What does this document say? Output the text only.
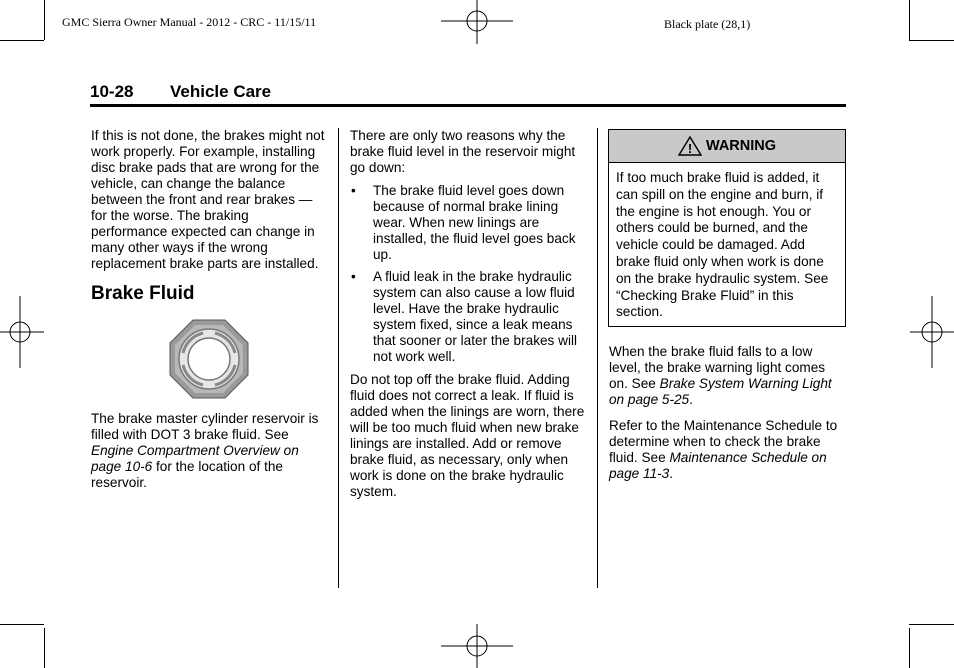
GMC Sierra Owner Manual - 2012 - CRC - 11/15/11	Black plate (28,1)
10-28 Vehicle Care

If this is not done, the brakes might not work properly. For example, installing disc brake pads that are wrong for the vehicle, can change the balance between the front and rear brakes — for the worse. The braking performance expected can change in many other ways if the wrong replacement brake parts are installed.

Brake Fluid

The brake master cylinder reservoir is filled with DOT 3 brake fluid. See Engine Compartment Overview on page 10-6 for the location of the reservoir.

There are only two reasons why the brake fluid level in the reservoir might go down:

• The brake fluid level goes down because of normal brake lining wear. When new linings are installed, the fluid level goes back up.
• A fluid leak in the brake hydraulic system can also cause a low fluid level. Have the brake hydraulic system fixed, since a leak means that sooner or later the brakes will not work well.

Do not top off the brake fluid. Adding fluid does not correct a leak. If fluid is added when the linings are worn, there will be too much fluid when new brake linings are installed. Add or remove brake fluid, as necessary, only when work is done on the brake hydraulic system.

! WARNING
If too much brake fluid is added, it can spill on the engine and burn, if the engine is hot enough. You or others could be burned, and the vehicle could be damaged. Add brake fluid only when work is done on the brake hydraulic system. See “Checking Brake Fluid” in this section.

When the brake fluid falls to a low level, the brake warning light comes on. See Brake System Warning Light on page 5-25.

Refer to the Maintenance Schedule to determine when to check the brake fluid. See Maintenance Schedule on page 11-3.
